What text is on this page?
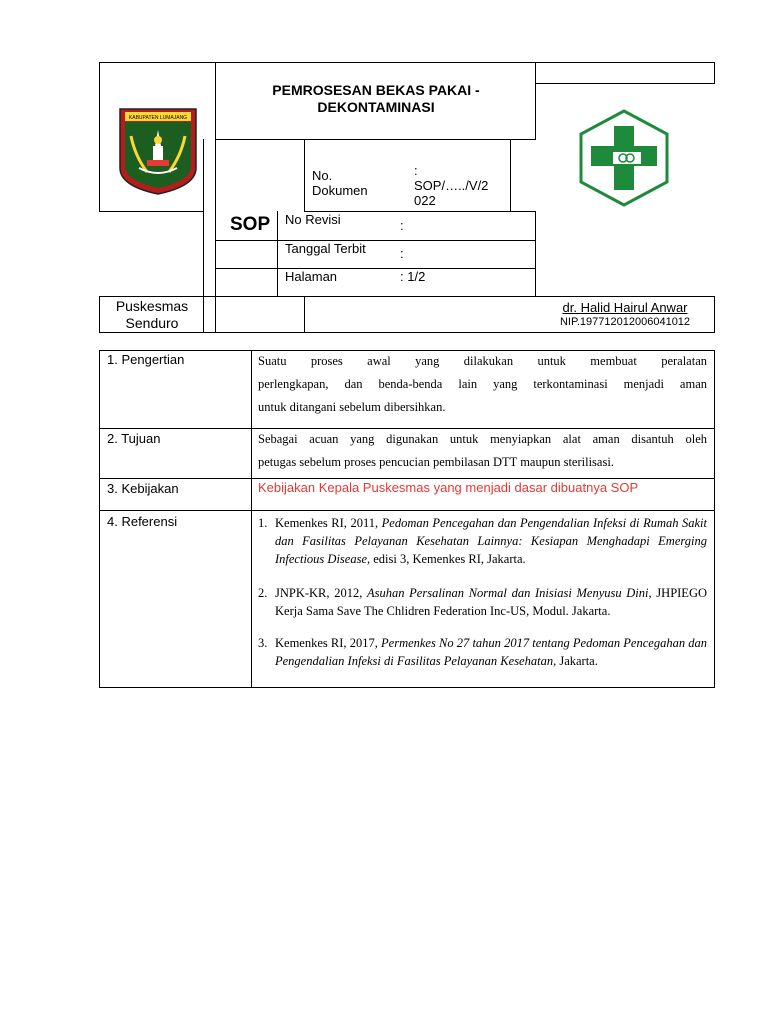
KABUPATEN LUMAJANG
PEMROSESAN BEKAS PAKAI -
DEKONTAMINASI
No.
Dokumen
:
SOP/…../V/2
022
SOP No Revisi	:
Tanggal Terbit	:
Halaman	: 1/2
Puskesmas
Senduro
dr. Halid Hairul Anwar
NIP.197712012006041012
1. Pengertian	Suatu proses awal yang dilakukan untuk membuat peralatan
perlengkapan, dan benda-benda lain yang terkontaminasi menjadi aman
untuk ditangani sebelum dibersihkan.
2. Tujuan	Sebagai acuan yang digunakan untuk menyiapkan alat aman disantuh oleh
petugas sebelum proses pencucian pembilasan DTT maupun sterilisasi.
3. Kebijakan	Kebijakan Kepala Puskesmas yang menjadi dasar dibuatnya SOP
4. Referensi	1. Kemenkes RI, 2011, Pedoman Pencegahan dan Pengendalian Infeksi di Rumah Sakit dan Fasilitas Pelayanan Kesehatan Lainnya: Kesiapan Menghadapi Emerging Infectious Disease, edisi 3, Kemenkes RI, Jakarta.
2. JNPK-KR, 2012, Asuhan Persalinan Normal dan Inisiasi Menyusu Dini, JHPIEGO Kerja Sama Save The Chlidren Federation Inc-US, Modul. Jakarta.
3. Kemenkes RI, 2017, Permenkes No 27 tahun 2017 tentang Pedoman Pencegahan dan Pengendalian Infeksi di Fasilitas Pelayanan Kesehatan, Jakarta.
